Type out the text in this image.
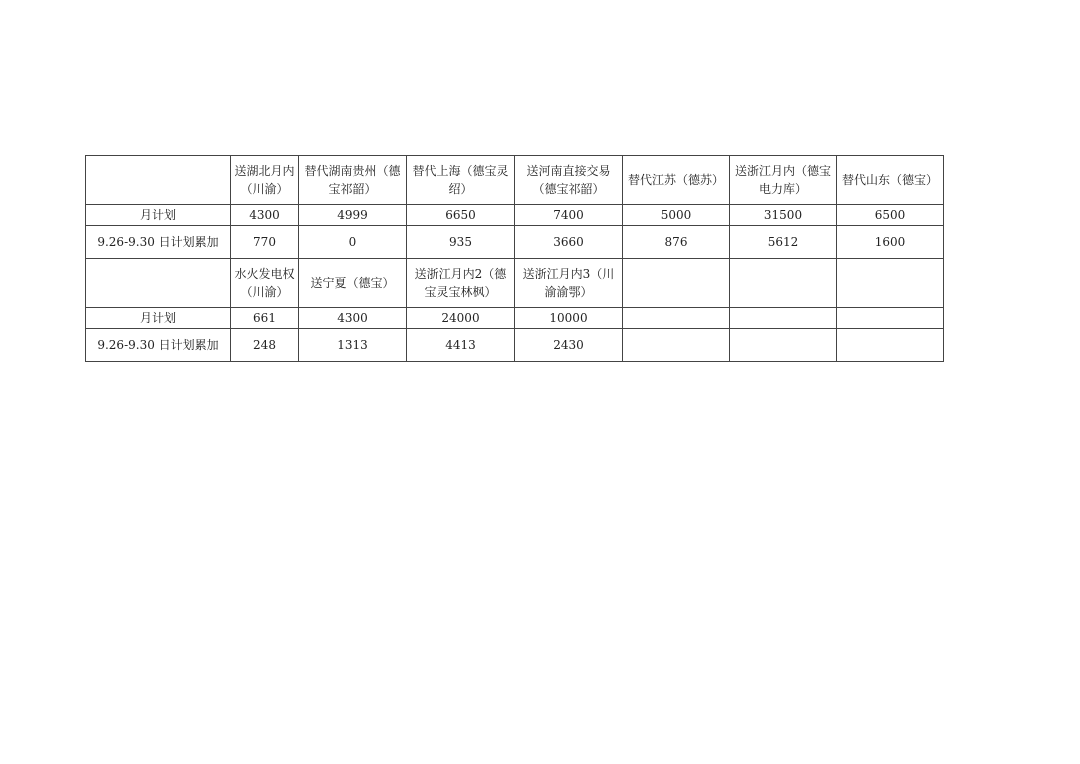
	送湖北月内（川渝）	替代湖南贵州（德宝祁韶）	替代上海（德宝灵绍）	送河南直接交易（德宝祁韶）	替代江苏（德苏）	送浙江月内（德宝电力库）	替代山东（德宝）
月计划	4300	4999	6650	7400	5000	31500	6500
9.26-9.30 日计划累加	770	0	935	3660	876	5612	1600
	水火发电权（川渝）	送宁夏（德宝）	送浙江月内2（德宝灵宝林枫）	送浙江月内3（川渝渝鄂）			
月计划	661	4300	24000	10000			
9.26-9.30 日计划累加	248	1313	4413	2430			
